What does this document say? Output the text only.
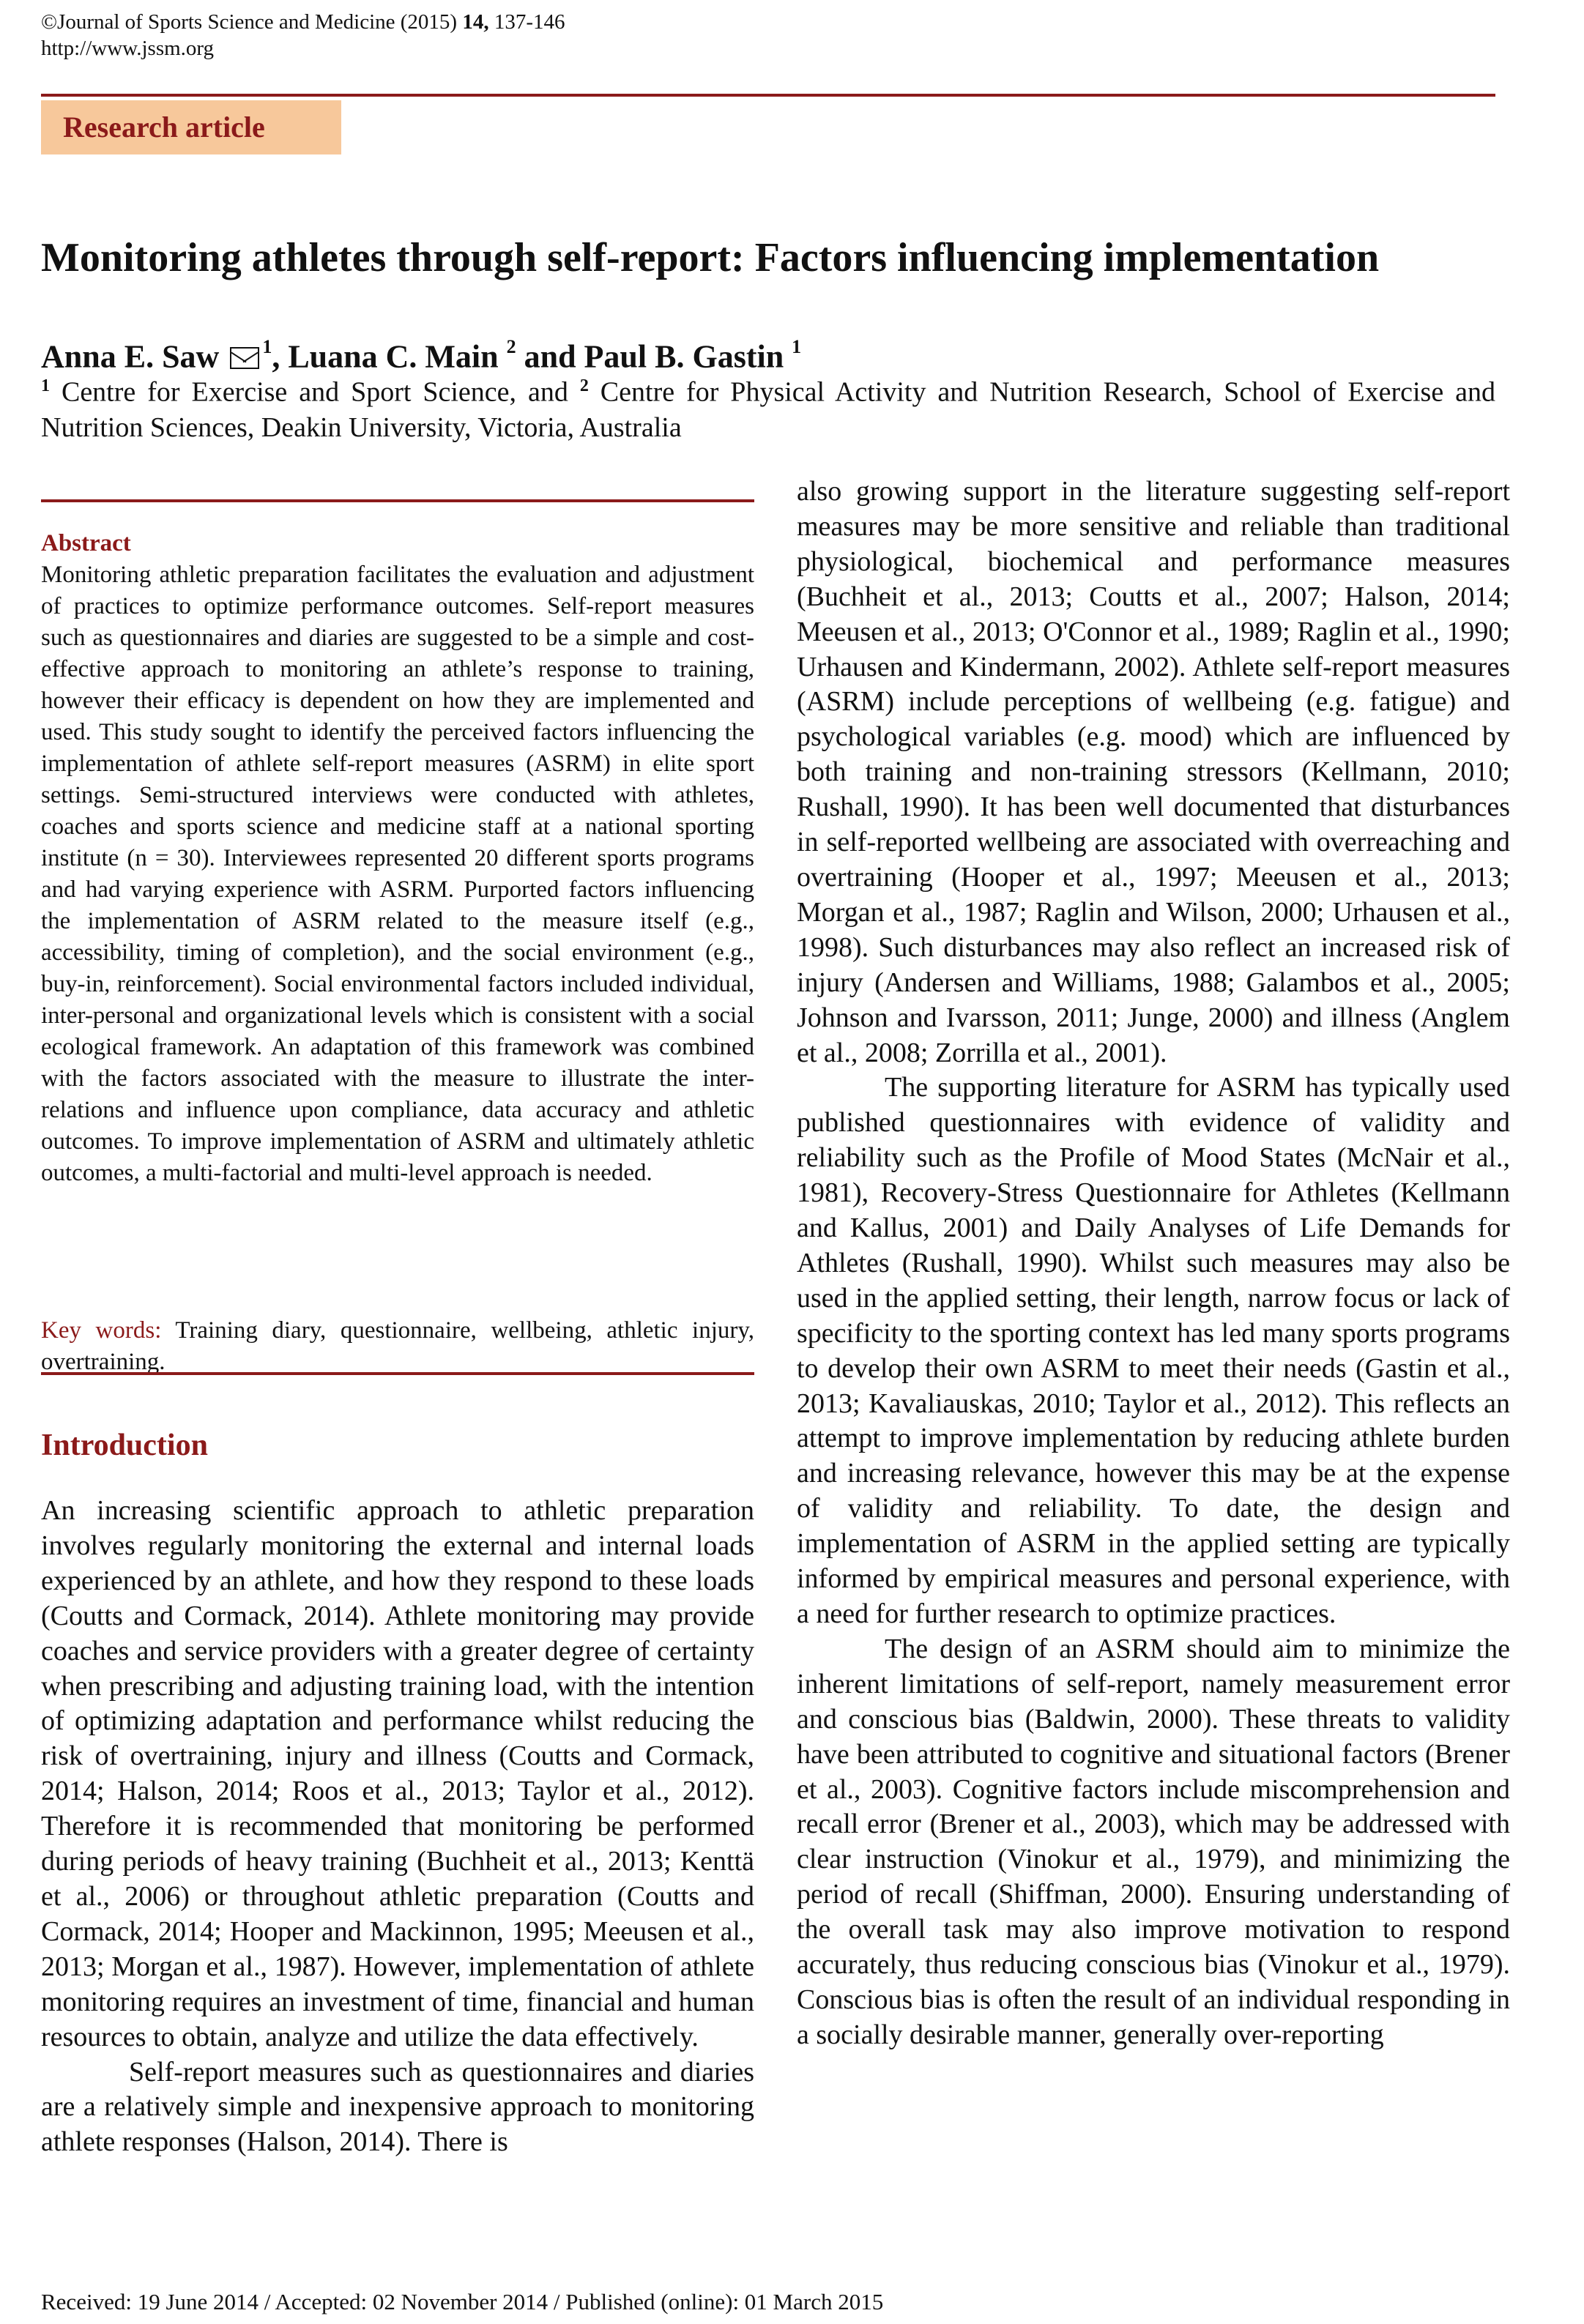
©Journal of Sports Science and Medicine (2015) 14, 137-146
http://www.jssm.org
Research article
Monitoring athletes through self-report: Factors influencing implementation
Anna E. Saw $^1$, Luana C. Main $^2$ and Paul B. Gastin $^1$
$^1$ Centre for Exercise and Sport Science, and $^2$ Centre for Physical Activity and Nutrition Research, School of Exercise and Nutrition Sciences, Deakin University, Victoria, Australia
Abstract
Monitoring athletic preparation facilitates the evaluation and adjustment of practices to optimize performance outcomes. Self-report measures such as questionnaires and diaries are suggested to be a simple and cost-effective approach to monitoring an athlete’s response to training, however their efficacy is dependent on how they are implemented and used. This study sought to identify the perceived factors influencing the implementation of athlete self-report measures (ASRM) in elite sport settings. Semi-structured interviews were conducted with athletes, coaches and sports science and medicine staff at a national sporting institute (n = 30). Interviewees represented 20 different sports programs and had varying experience with ASRM. Purported factors influencing the implementation of ASRM related to the measure itself (e.g., accessibility, timing of completion), and the social environment (e.g., buy-in, reinforcement). Social environmental factors included individual, inter-personal and organizational levels which is consistent with a social ecological framework. An adaptation of this framework was combined with the factors associated with the measure to illustrate the inter-relations and influence upon compliance, data accuracy and athletic outcomes. To improve implementation of ASRM and ultimately athletic outcomes, a multi-factorial and multi-level approach is needed.
Key words: Training diary, questionnaire, wellbeing, athletic injury, overtraining.
Introduction

An increasing scientific approach to athletic preparation involves regularly monitoring the external and internal loads experienced by an athlete, and how they respond to these loads (Coutts and Cormack, 2014). Athlete monitoring may provide coaches and service providers with a greater degree of certainty when prescribing and adjusting training load, with the intention of optimizing adaptation and performance whilst reducing the risk of overtraining, injury and illness (Coutts and Cormack, 2014; Halson, 2014; Roos et al., 2013; Taylor et al., 2012). Therefore it is recommended that monitoring be performed during periods of heavy training (Buchheit et al., 2013; Kenttä et al., 2006) or throughout athletic preparation (Coutts and Cormack, 2014; Hooper and Mackinnon, 1995; Meeusen et al., 2013; Morgan et al., 1987). However, implementation of athlete monitoring requires an investment of time, financial and human resources to obtain, analyze and utilize the data effectively.

Self-report measures such as questionnaires and diaries are a relatively simple and inexpensive approach to monitoring athlete responses (Halson, 2014). There is

also growing support in the literature suggesting self-report measures may be more sensitive and reliable than traditional physiological, biochemical and performance measures (Buchheit et al., 2013; Coutts et al., 2007; Halson, 2014; Meeusen et al., 2013; O'Connor et al., 1989; Raglin et al., 1990; Urhausen and Kindermann, 2002). Athlete self-report measures (ASRM) include perceptions of wellbeing (e.g. fatigue) and psychological variables (e.g. mood) which are influenced by both training and non-training stressors (Kellmann, 2010; Rushall, 1990). It has been well documented that disturbances in self-reported wellbeing are associated with overreaching and overtraining (Hooper et al., 1997; Meeusen et al., 2013; Morgan et al., 1987; Raglin and Wilson, 2000; Urhausen et al., 1998). Such disturbances may also reflect an increased risk of injury (Andersen and Williams, 1988; Galambos et al., 2005; Johnson and Ivarsson, 2011; Junge, 2000) and illness (Anglem et al., 2008; Zorrilla et al., 2001).

The supporting literature for ASRM has typically used published questionnaires with evidence of validity and reliability such as the Profile of Mood States (McNair et al., 1981), Recovery-Stress Questionnaire for Athletes (Kellmann and Kallus, 2001) and Daily Analyses of Life Demands for Athletes (Rushall, 1990). Whilst such measures may also be used in the applied setting, their length, narrow focus or lack of specificity to the sporting context has led many sports programs to develop their own ASRM to meet their needs (Gastin et al., 2013; Kavaliauskas, 2010; Taylor et al., 2012). This reflects an attempt to improve implementation by reducing athlete burden and increasing relevance, however this may be at the expense of validity and reliability. To date, the design and implementation of ASRM in the applied setting are typically informed by empirical measures and personal experience, with a need for further research to optimize practices.

The design of an ASRM should aim to minimize the inherent limitations of self-report, namely measurement error and conscious bias (Baldwin, 2000). These threats to validity have been attributed to cognitive and situational factors (Brener et al., 2003). Cognitive factors include miscomprehension and recall error (Brener et al., 2003), which may be addressed with clear instruction (Vinokur et al., 1979), and minimizing the period of recall (Shiffman, 2000). Ensuring understanding of the overall task may also improve motivation to respond accurately, thus reducing conscious bias (Vinokur et al., 1979). Conscious bias is often the result of an individual responding in a socially desirable manner, generally over-reporting

Received: 19 June 2014 / Accepted: 02 November 2014 / Published (online): 01 March 2015
